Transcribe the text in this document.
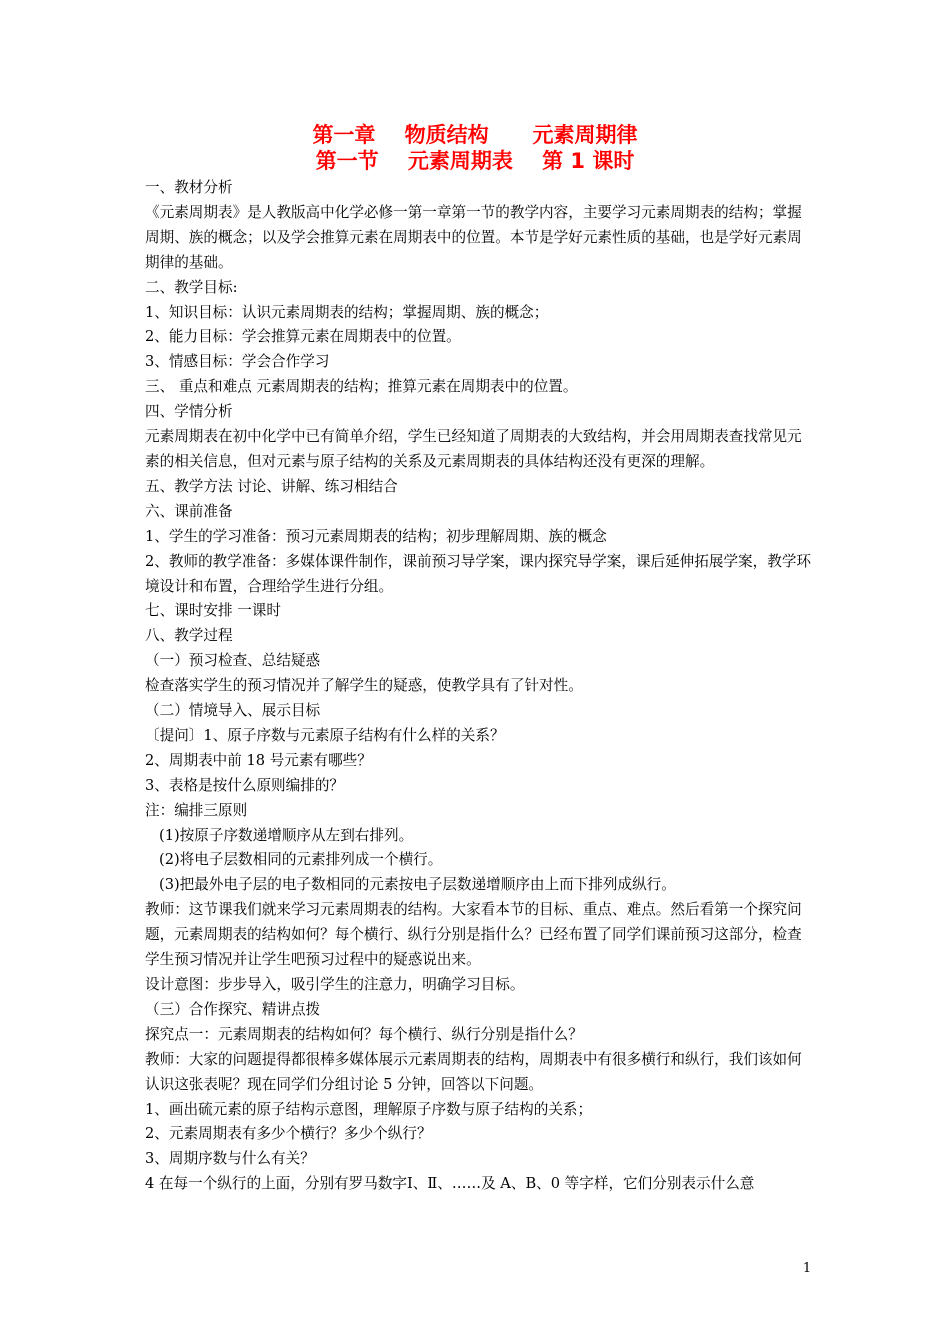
第一章    物质结构      元素周期律
第一节    元素周期表    第 1 课时

一、教材分析

《元素周期表》是人教版高中化学必修一第一章第一节的教学内容，主要学习元素周期表的结构；掌握周期、族的概念；以及学会推算元素在周期表中的位置。本节是学好元素性质的基础，也是学好元素周期律的基础。

二、教学目标:

1、知识目标：认识元素周期表的结构；掌握周期、族的概念；

2、能力目标：学会推算元素在周期表中的位置。

3、情感目标：学会合作学习

三、 重点和难点 元素周期表的结构；推算元素在周期表中的位置。

四、学情分析

元素周期表在初中化学中已有简单介绍，学生已经知道了周期表的大致结构，并会用周期表查找常见元素的相关信息，但对元素与原子结构的关系及元素周期表的具体结构还没有更深的理解。

五、教学方法 讨论、讲解、练习相结合

六、课前准备

1、学生的学习准备：预习元素周期表的结构；初步理解周期、族的概念

2、教师的教学准备：多媒体课件制作，课前预习导学案，课内探究导学案，课后延伸拓展学案，教学环境设计和布置，合理给学生进行分组。

七、课时安排 一课时

八、教学过程

（一）预习检查、总结疑惑

检查落实学生的预习情况并了解学生的疑惑，使教学具有了针对性。

（二）情境导入、展示目标

〔提问〕1、原子序数与元素原子结构有什么样的关系？

2、周期表中前 18 号元素有哪些？

3、表格是按什么原则编排的？

注：编排三原则

(1)按原子序数递增顺序从左到右排列。

(2)将电子层数相同的元素排列成一个横行。

(3)把最外电子层的电子数相同的元素按电子层数递增顺序由上而下排列成纵行。

教师：这节课我们就来学习元素周期表的结构。大家看本节的目标、重点、难点。然后看第一个探究问题，元素周期表的结构如何？每个横行、纵行分别是指什么？已经布置了同学们课前预习这部分，检查学生预习情况并让学生吧预习过程中的疑惑说出来。

设计意图：步步导入，吸引学生的注意力，明确学习目标。

（三）合作探究、精讲点拨

探究点一：元素周期表的结构如何？每个横行、纵行分别是指什么？

教师：大家的问题提得都很棒多媒体展示元素周期表的结构，周期表中有很多横行和纵行，我们该如何认识这张表呢？现在同学们分组讨论 5 分钟，回答以下问题。

1、画出硫元素的原子结构示意图，理解原子序数与原子结构的关系；

2、元素周期表有多少个横行？多少个纵行？

3、周期序数与什么有关？

4 在每一个纵行的上面，分别有罗马数字Ⅰ、Ⅱ、……及 A、B、0 等字样，它们分别表示什么意

1
